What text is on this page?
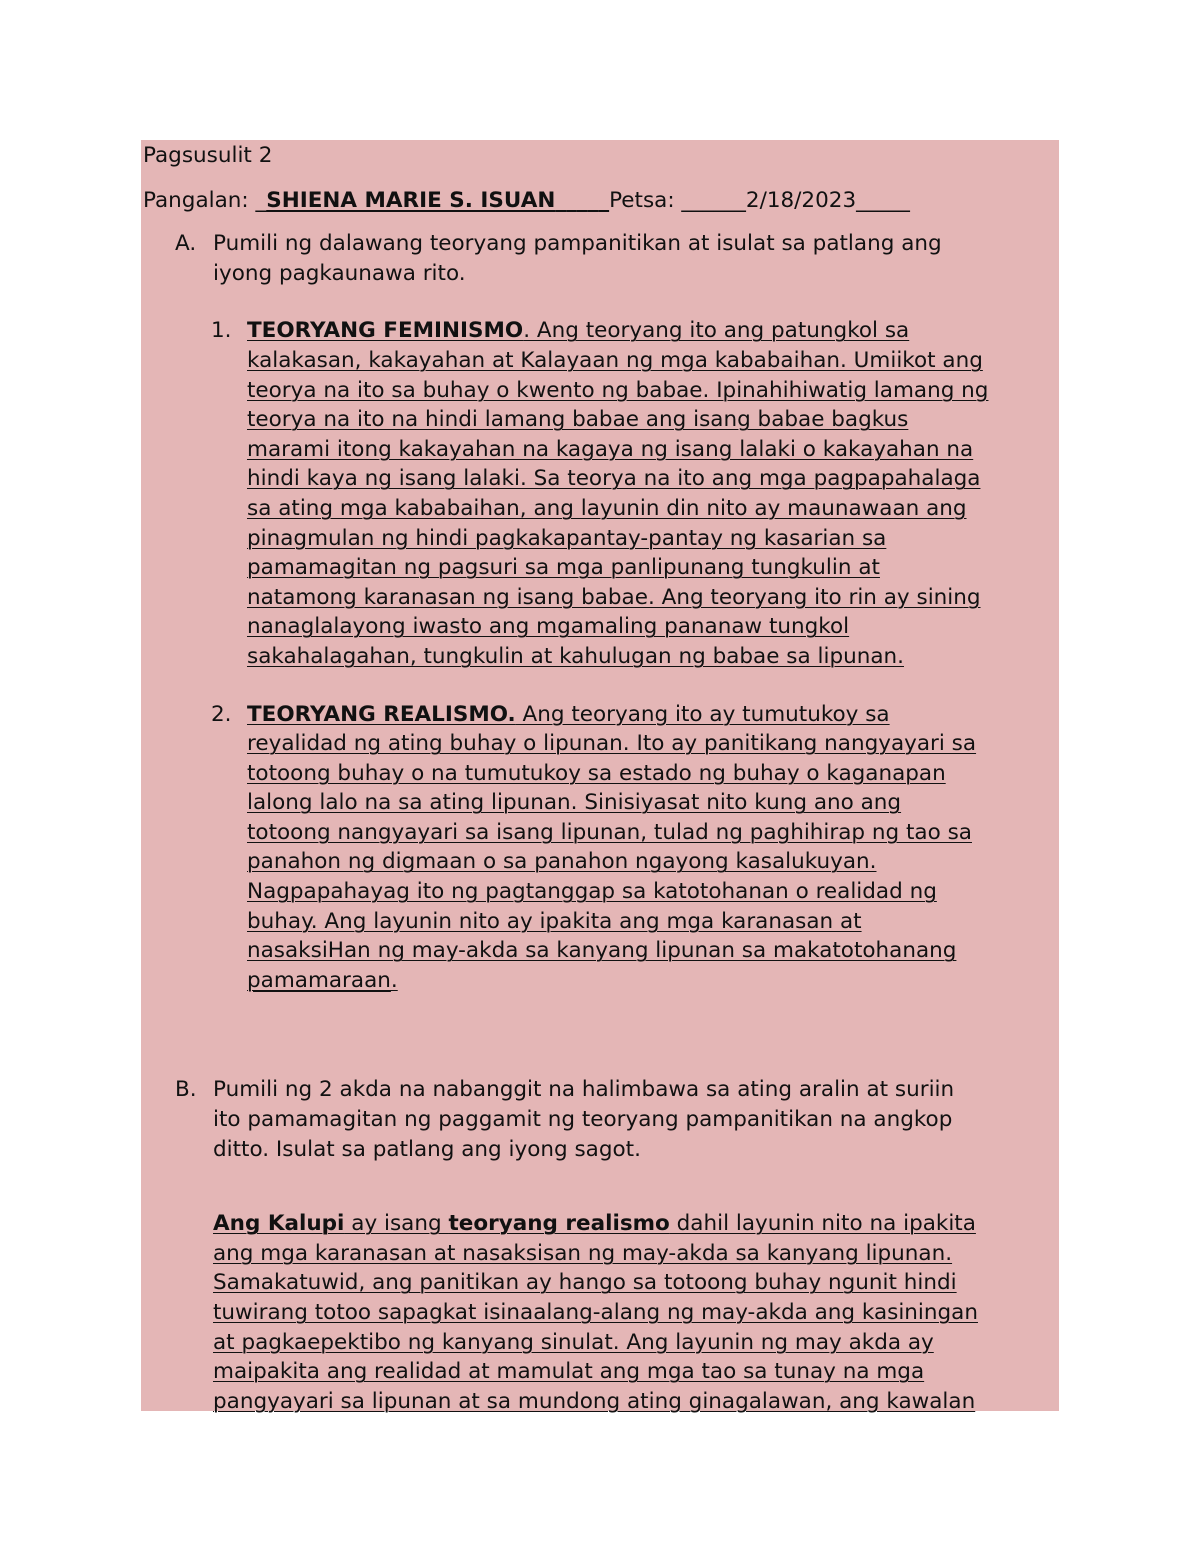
Pagsusulit 2
Pangalan: _SHIENA MARIE S. ISUAN_____Petsa: ______2/18/2023_____
A. Pumili ng dalawang teoryang pampanitikan at isulat sa patlang ang
iyong pagkaunawa rito.
1. TEORYANG FEMINISMO. Ang teoryang ito ang patungkol sa
kalakasan, kakayahan at Kalayaan ng mga kababaihan. Umiikot ang
teorya na ito sa buhay o kwento ng babae. Ipinahihiwatig lamang ng
teorya na ito na hindi lamang babae ang isang babae bagkus
marami itong kakayahan na kagaya ng isang lalaki o kakayahan na
hindi kaya ng isang lalaki. Sa teorya na ito ang mga pagpapahalaga
sa ating mga kababaihan, ang layunin din nito ay maunawaan ang
pinagmulan ng hindi pagkakapantay-pantay ng kasarian sa
pamamagitan ng pagsuri sa mga panlipunang tungkulin at
natamong karanasan ng isang babae. Ang teoryang ito rin ay sining
nanaglalayong iwasto ang mgamaling pananaw tungkol
sakahalagahan, tungkulin at kahulugan ng babae sa lipunan.
2. TEORYANG REALISMO. Ang teoryang ito ay tumutukoy sa
reyalidad ng ating buhay o lipunan. Ito ay panitikang nangyayari sa
totoong buhay o na tumutukoy sa estado ng buhay o kaganapan
lalong lalo na sa ating lipunan. Sinisiyasat nito kung ano ang
totoong nangyayari sa isang lipunan, tulad ng paghihirap ng tao sa
panahon ng digmaan o sa panahon ngayong kasalukuyan.
Nagpapahayag ito ng pagtanggap sa katotohanan o realidad ng
buhay. Ang layunin nito ay ipakita ang mga karanasan at
nasaksiHan ng may-akda sa kanyang lipunan sa makatotohanang
pamamaraan.
B. Pumili ng 2 akda na nabanggit na halimbawa sa ating aralin at suriin
ito pamamagitan ng paggamit ng teoryang pampanitikan na angkop
ditto. Isulat sa patlang ang iyong sagot.
Ang Kalupi ay isang teoryang realismo dahil layunin nito na ipakita
ang mga karanasan at nasaksisan ng may-akda sa kanyang lipunan.
Samakatuwid, ang panitikan ay hango sa totoong buhay ngunit hindi
tuwirang totoo sapagkat isinaalang-alang ng may-akda ang kasiningan
at pagkaepektibo ng kanyang sinulat. Ang layunin ng may akda ay
maipakita ang realidad at mamulat ang mga tao sa tunay na mga
pangyayari sa lipunan at sa mundong ating ginagalawan, ang kawalan
